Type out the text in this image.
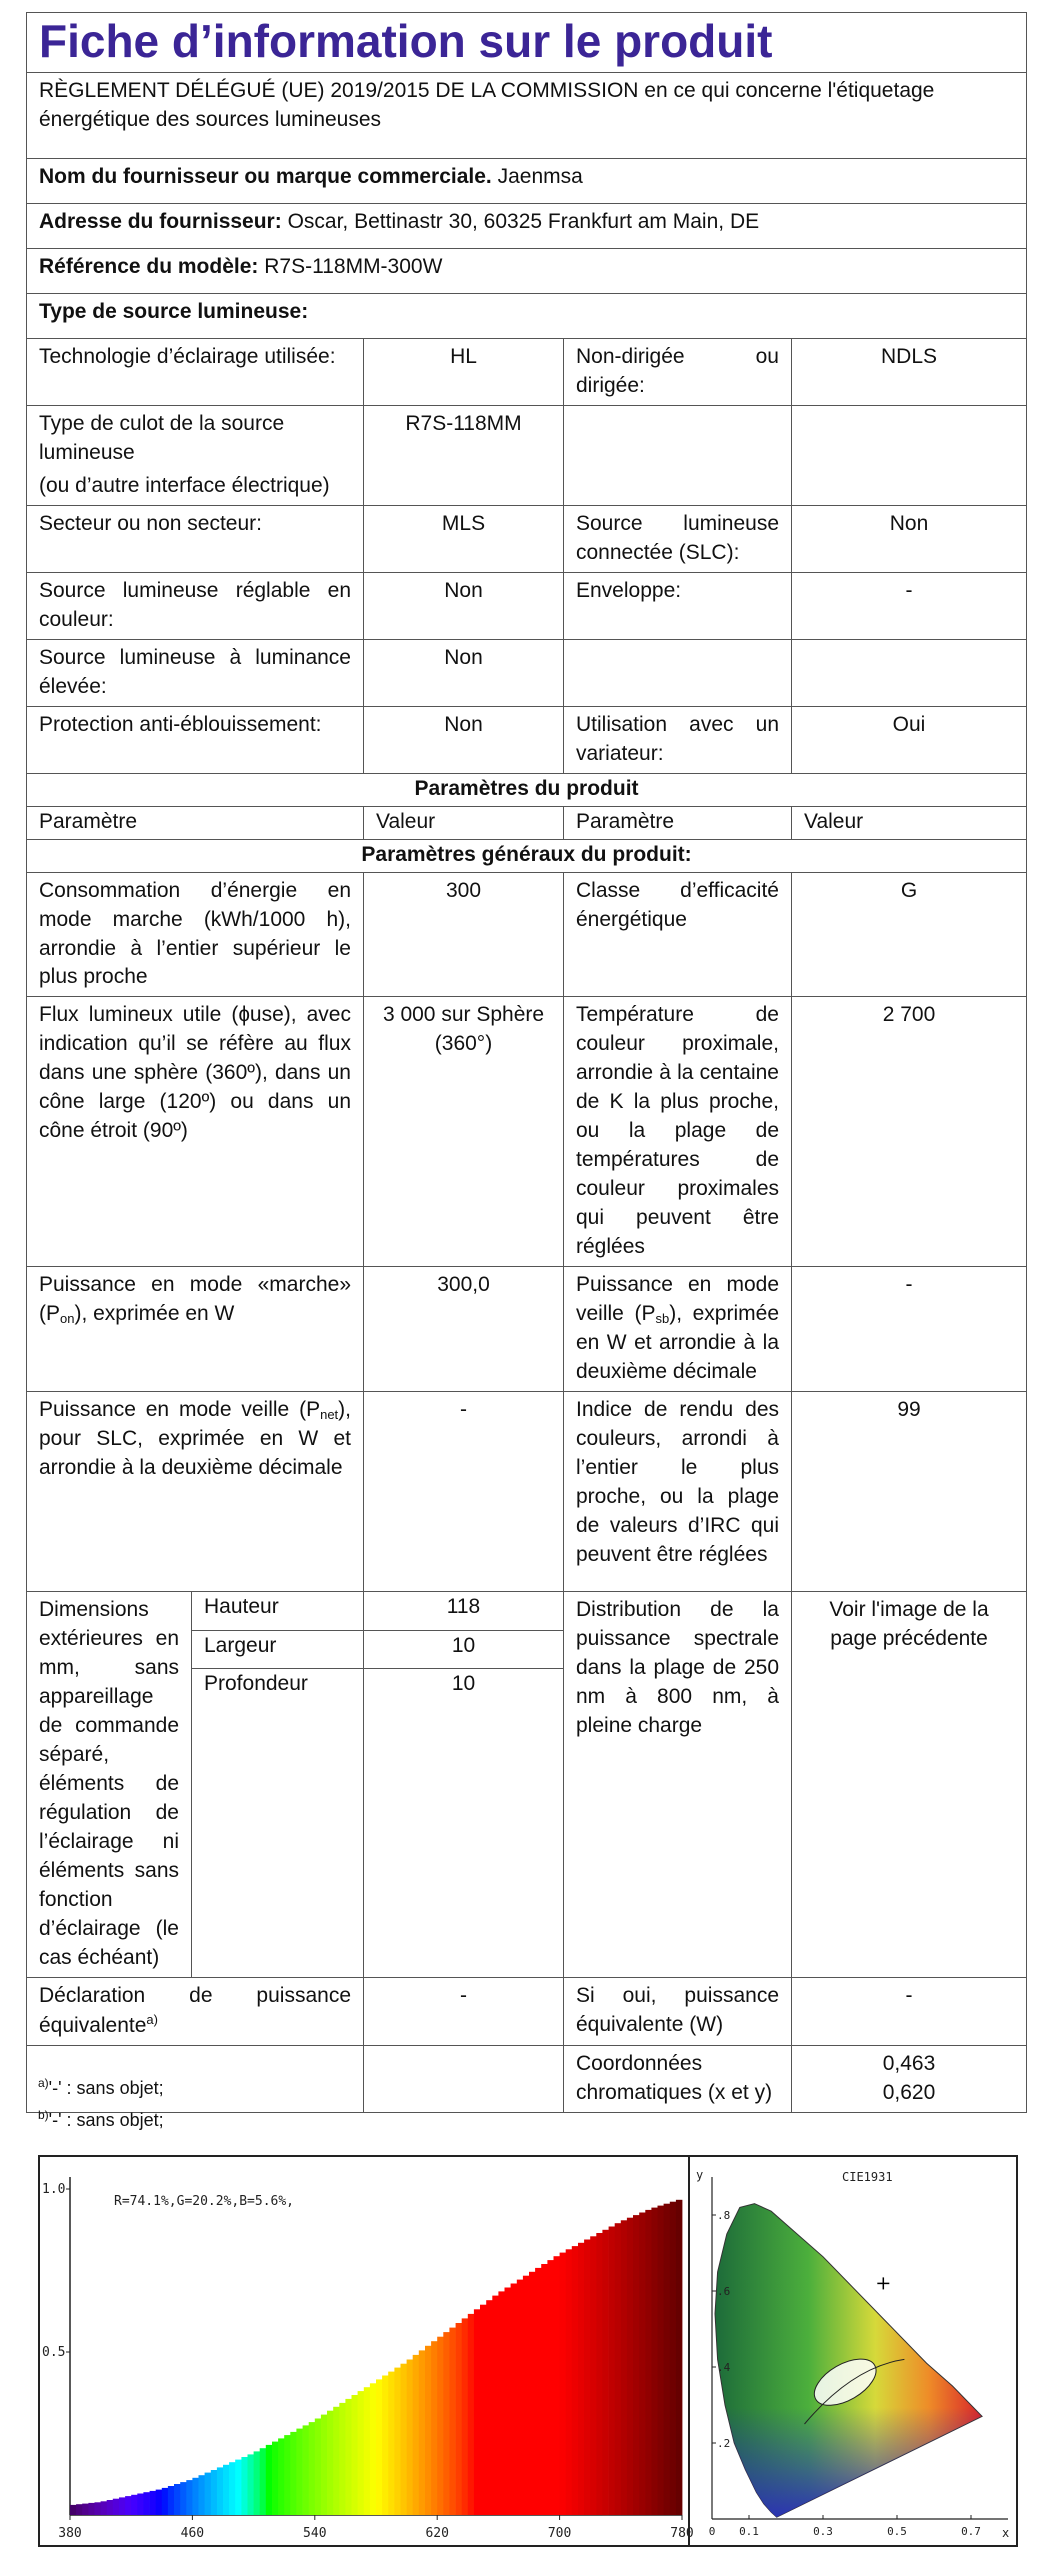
Fiche d’information sur le produit				
RÈGLEMENT DÉLÉGUÉ (UE) 2019/2015 DE LA COMMISSION en ce qui concerne l'étiquetage énergétique des sources lumineuses				
Nom du fournisseur ou marque commerciale. Jaenmsa				
Adresse du fournisseur: Oscar, Bettinastr 30, 60325 Frankfurt am Main, DE				
Référence du modèle: R7S-118MM-300W				
Type de source lumineuse:				
Technologie d’éclairage utilisée:		HL	Non-dirigée ou dirigée:	NDLS

Type de culot de la source lumineuse
(ou d’autre interface électrique)		R7S-118MM		
Secteur ou non secteur:		MLS	Source lumineuse connectée (SLC):	Non
Source lumineuse réglable en couleur:		Non	Enveloppe:	-
Source lumineuse à luminance élevée:		Non		
Protection anti-éblouissement:		Non	Utilisation avec un variateur:	Oui
Paramètres du produit				
Paramètre		Valeur	Paramètre	Valeur
Paramètres généraux du produit:				
Consommation d’énergie en mode marche (kWh/1000 h), arrondie à l’entier supérieur le plus proche		300	Classe d’efficacité énergétique	G
Flux lumineux utile (ɸuse), avec indication qu’il se réfère au flux dans une sphère (360º), dans un cône large (120º) ou dans un cône étroit (90º)		3 000 sur Sphère (360°)	Température de couleur proximale, arrondie à la centaine de K la plus proche, ou la plage de températures de couleur proximales qui peuvent être réglées	2 700
Puissance en mode «marche» $(P_{on})$, exprimée en W		300,0	Puissance en mode veille $(P_{sb})$, exprimée en W et arrondie à la deuxième décimale	-
Puissance en mode veille $(P_{net})$, pour SLC, exprimée en W et arrondie à la deuxième décimale		-	Indice de rendu des couleurs, arrondi à l’entier le plus proche, ou la plage de valeurs d’IRC qui peuvent être réglées	99
Dimensions extérieures en mm, sans appareillage de commande séparé, éléments de régulation de l’éclairage ni éléments sans fonction d’éclairage (le cas échéant)	Hauteur	118	Distribution de la puissance spectrale dans la plage de 250 nm à 800 nm, à pleine charge	Voir l'image de la page précédente
	Largeur	10		
	Profondeur	10		
Déclaration de puissance équivalente$^{a)}$		-	Si oui, puissance équivalente (W)	-
			Coordonnées chromatiques (x et y)	0,463
0,620
$^{a)}$'-' : sans objet;
$^{b)}$'-' : sans objet;
R=74.1%,G=20.2%,B=5.6%,
380	460	540	620	700	780
1.0
0.5
y
x
CIE1931
.8
.6
.4
.2
0 0.1	0.3	0.5	0.7
